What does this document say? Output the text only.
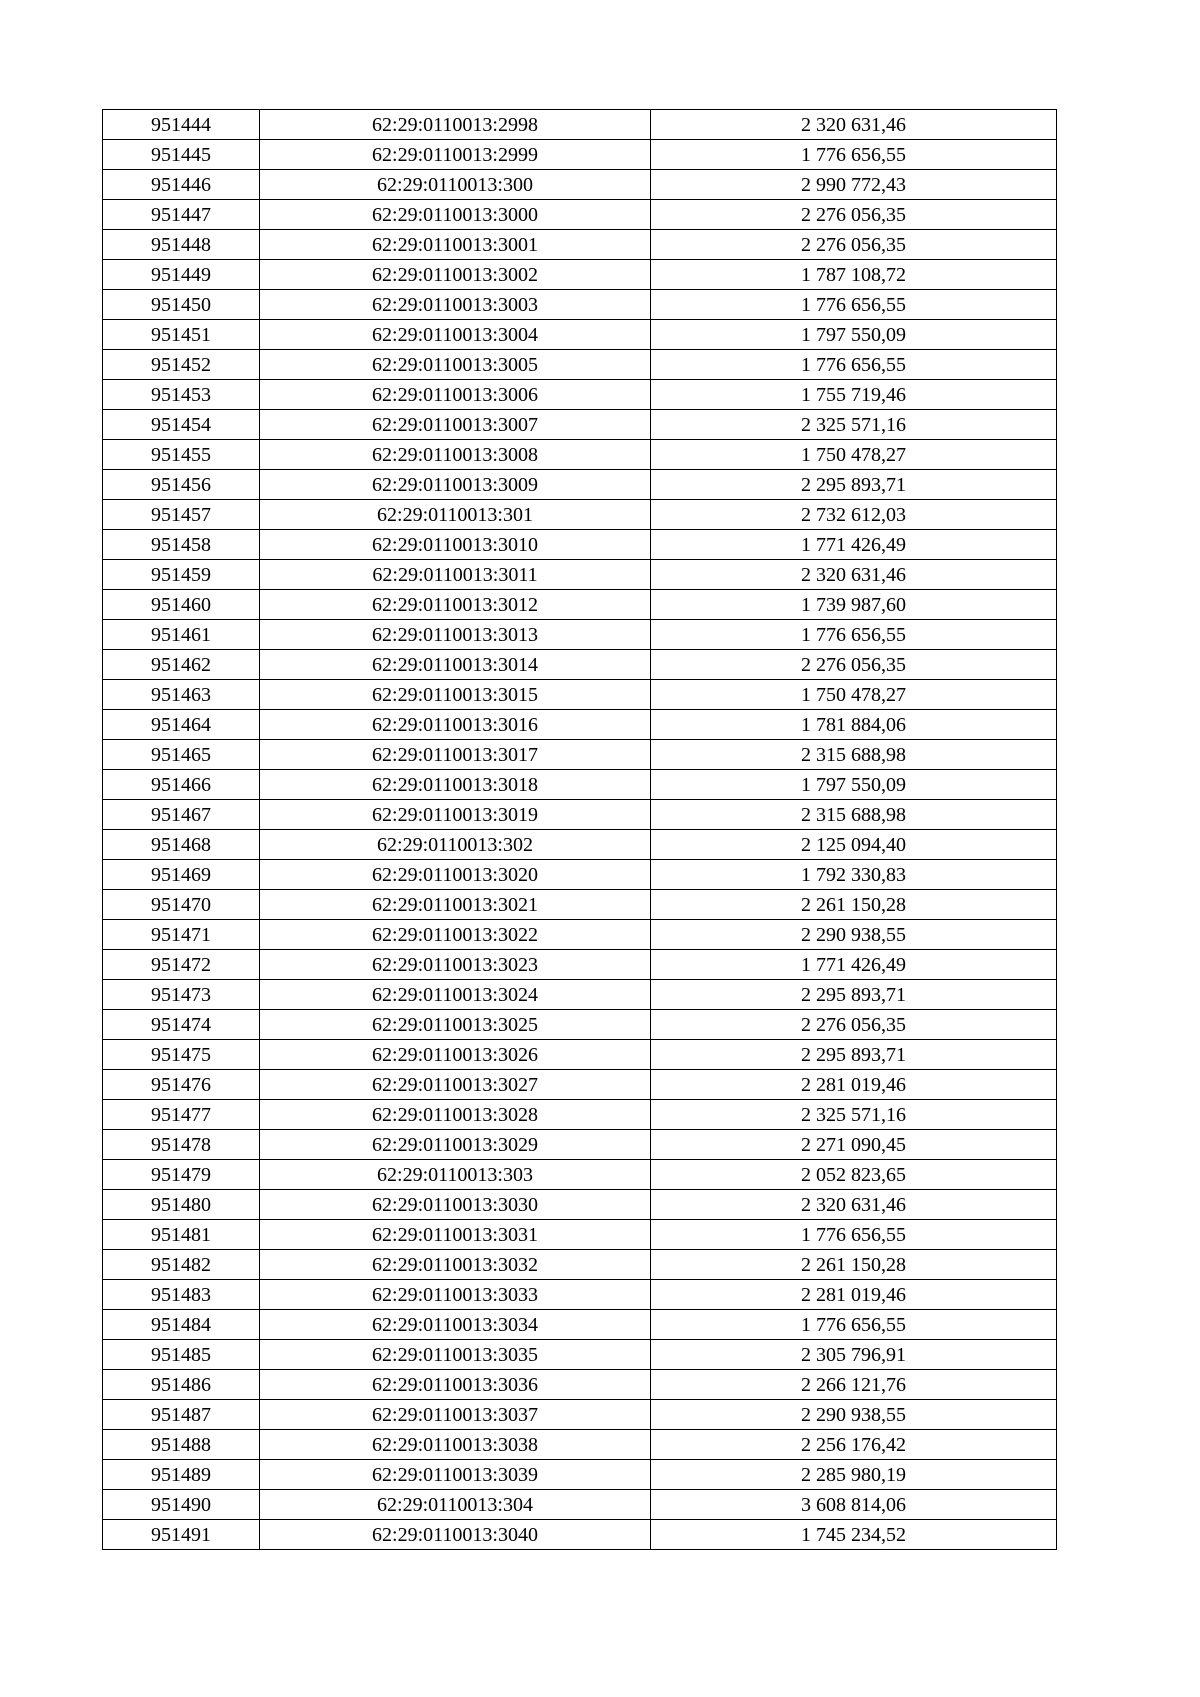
951444	62:29:0110013:2998	2 320 631,46
951445	62:29:0110013:2999	1 776 656,55
951446	62:29:0110013:300	2 990 772,43
951447	62:29:0110013:3000	2 276 056,35
951448	62:29:0110013:3001	2 276 056,35
951449	62:29:0110013:3002	1 787 108,72
951450	62:29:0110013:3003	1 776 656,55
951451	62:29:0110013:3004	1 797 550,09
951452	62:29:0110013:3005	1 776 656,55
951453	62:29:0110013:3006	1 755 719,46
951454	62:29:0110013:3007	2 325 571,16
951455	62:29:0110013:3008	1 750 478,27
951456	62:29:0110013:3009	2 295 893,71
951457	62:29:0110013:301	2 732 612,03
951458	62:29:0110013:3010	1 771 426,49
951459	62:29:0110013:3011	2 320 631,46
951460	62:29:0110013:3012	1 739 987,60
951461	62:29:0110013:3013	1 776 656,55
951462	62:29:0110013:3014	2 276 056,35
951463	62:29:0110013:3015	1 750 478,27
951464	62:29:0110013:3016	1 781 884,06
951465	62:29:0110013:3017	2 315 688,98
951466	62:29:0110013:3018	1 797 550,09
951467	62:29:0110013:3019	2 315 688,98
951468	62:29:0110013:302	2 125 094,40
951469	62:29:0110013:3020	1 792 330,83
951470	62:29:0110013:3021	2 261 150,28
951471	62:29:0110013:3022	2 290 938,55
951472	62:29:0110013:3023	1 771 426,49
951473	62:29:0110013:3024	2 295 893,71
951474	62:29:0110013:3025	2 276 056,35
951475	62:29:0110013:3026	2 295 893,71
951476	62:29:0110013:3027	2 281 019,46
951477	62:29:0110013:3028	2 325 571,16
951478	62:29:0110013:3029	2 271 090,45
951479	62:29:0110013:303	2 052 823,65
951480	62:29:0110013:3030	2 320 631,46
951481	62:29:0110013:3031	1 776 656,55
951482	62:29:0110013:3032	2 261 150,28
951483	62:29:0110013:3033	2 281 019,46
951484	62:29:0110013:3034	1 776 656,55
951485	62:29:0110013:3035	2 305 796,91
951486	62:29:0110013:3036	2 266 121,76
951487	62:29:0110013:3037	2 290 938,55
951488	62:29:0110013:3038	2 256 176,42
951489	62:29:0110013:3039	2 285 980,19
951490	62:29:0110013:304	3 608 814,06
951491	62:29:0110013:3040	1 745 234,52
